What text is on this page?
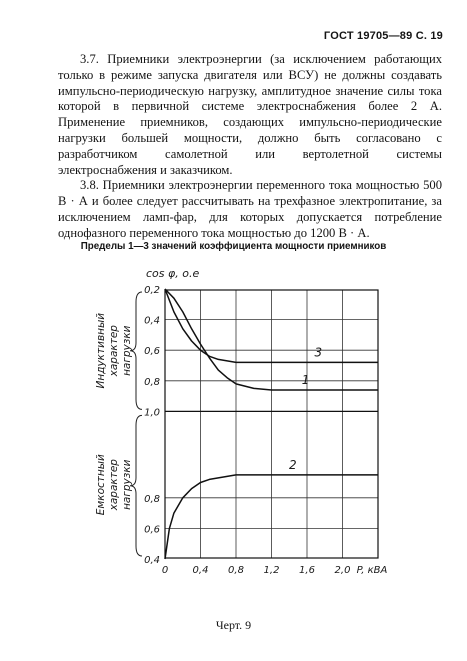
ГОСТ 19705—89 С. 19

3.7. Приемники электроэнергии (за исключением работающих только в режиме запуска двигателя или ВСУ) не должны создавать импульсно-периодическую нагрузку, амплитудное значение силы тока которой в первичной системе электроснабжения более 2 А. Применение приемников, создающих импульсно-периодические нагрузки большей мощности, должно быть согласовано с разработчиком самолетной или вертолетной системы электроснабжения и заказчиком.

3.8. Приемники электроэнергии переменного тока мощностью 500 В · А и более следует рассчитывать на трехфазное электропитание, за исключением ламп-фар, для которых допускается потребление однофазного переменного тока мощностью до 1200 В · А.

Пределы 1—3 значений коэффициента мощности приемников
0,2
0,4
0,6
0,8
1,0
0,8
0,6
0,4
0 0,4 0,8 1,2 1,6 2,0 P, кВА
cos φ, о.е
Индуктивный характер нагрузки
Емкостный характер нагрузки
3
1
2
Черт. 9
